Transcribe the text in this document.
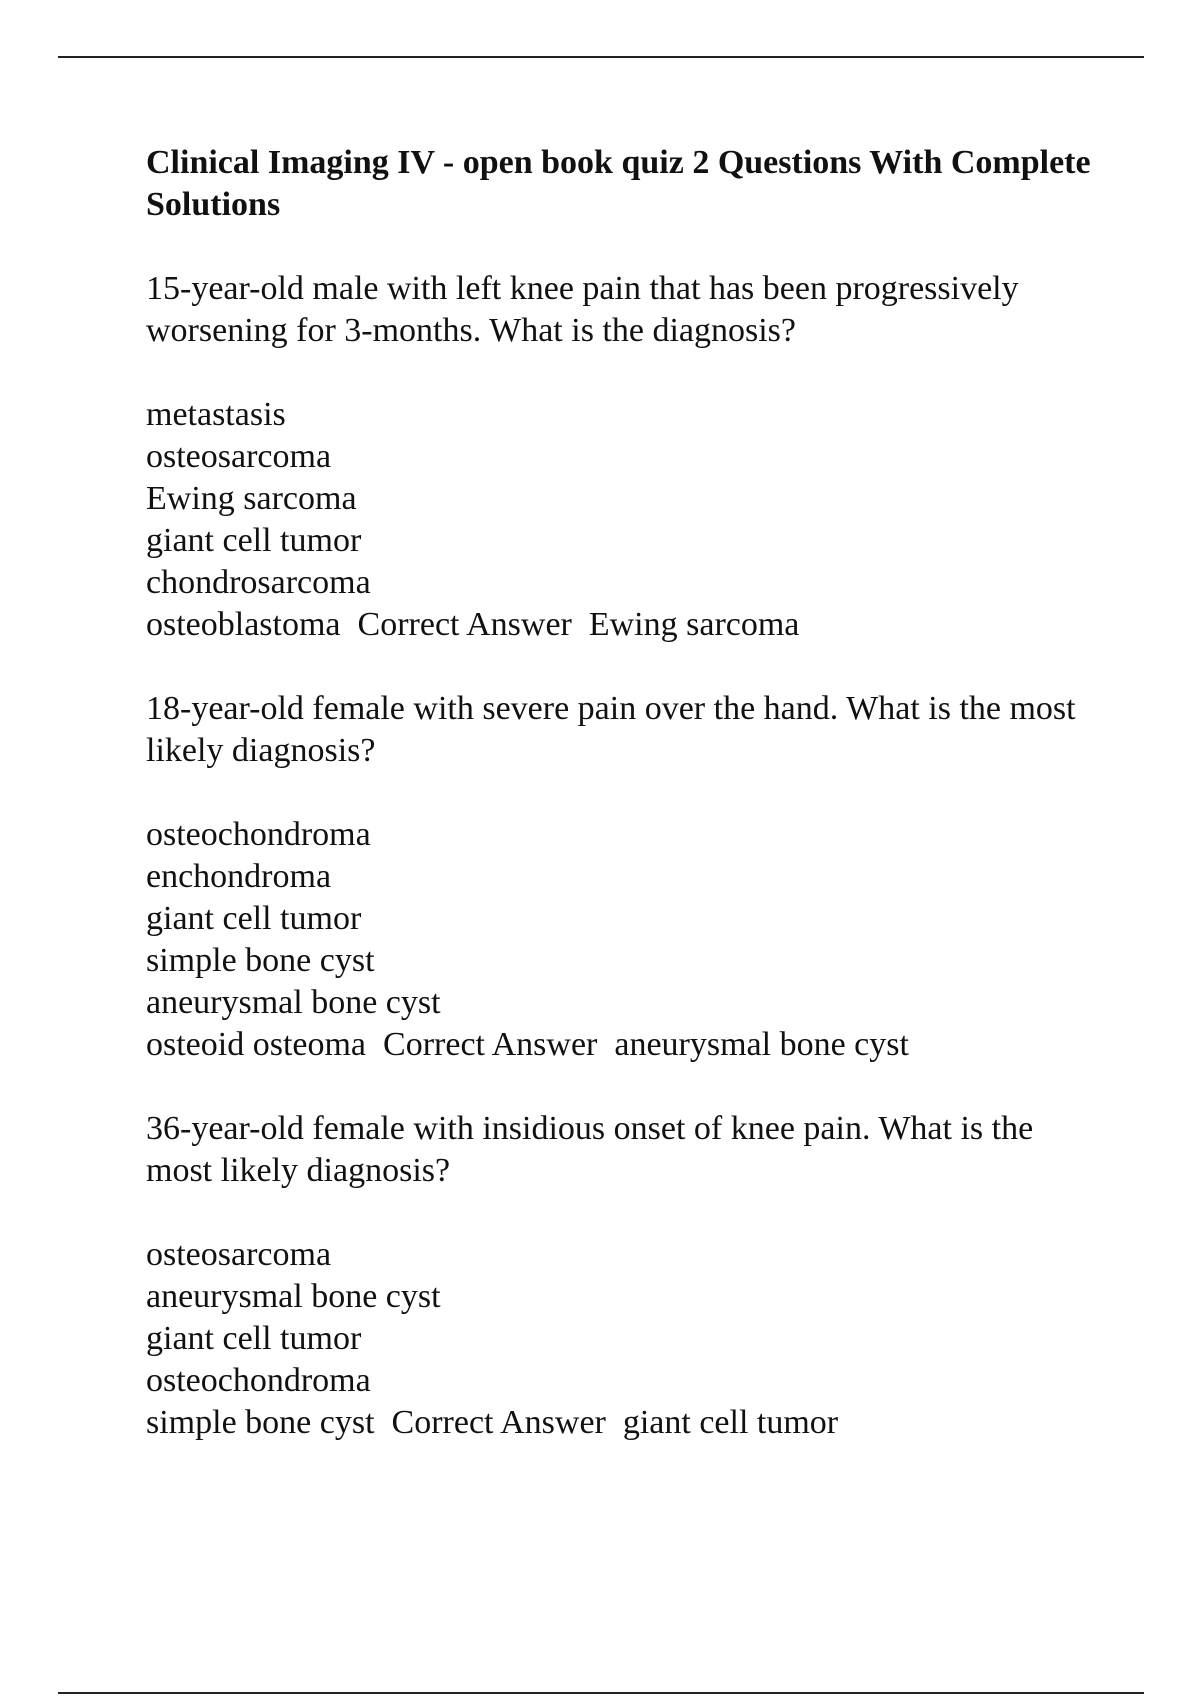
Clinical Imaging IV - open book quiz 2 Questions With Complete Solutions

15-year-old male with left knee pain that has been progressively worsening for 3-months. What is the diagnosis?

metastasis
osteosarcoma
Ewing sarcoma
giant cell tumor
chondrosarcoma
osteoblastoma Correct Answer Ewing sarcoma

18-year-old female with severe pain over the hand. What is the most likely diagnosis?

osteochondroma
enchondroma
giant cell tumor
simple bone cyst
aneurysmal bone cyst
osteoid osteoma Correct Answer aneurysmal bone cyst

36-year-old female with insidious onset of knee pain. What is the most likely diagnosis?

osteosarcoma
aneurysmal bone cyst
giant cell tumor
osteochondroma
simple bone cyst Correct Answer giant cell tumor
